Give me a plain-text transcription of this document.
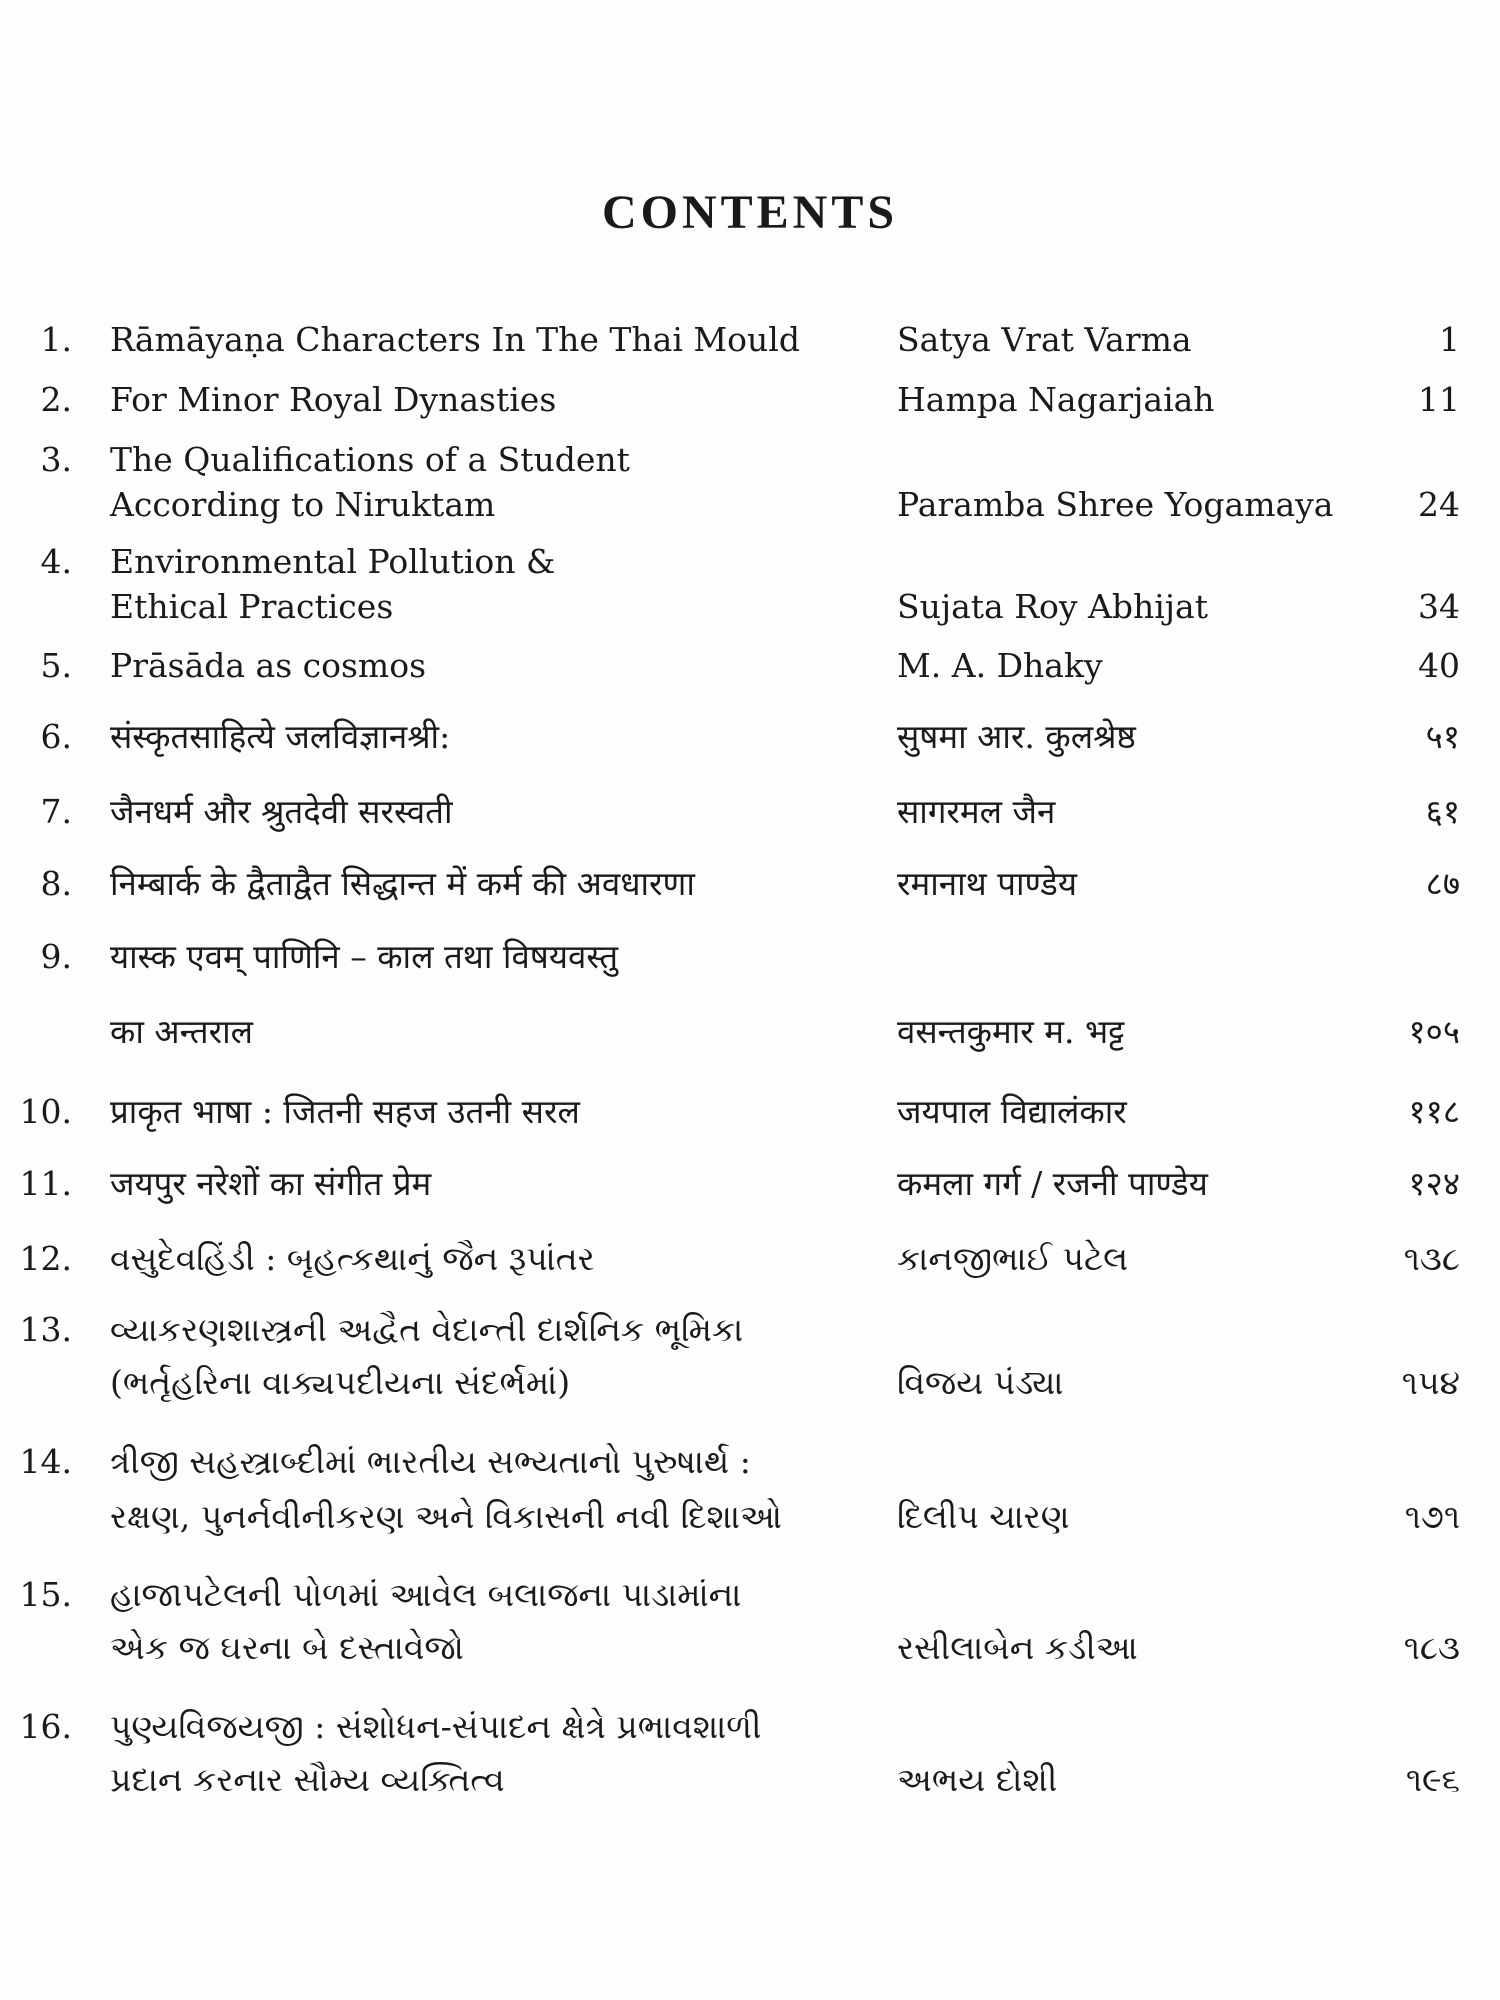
CONTENTS
1. Rāmāyaṇa Characters In The Thai Mould	Satya Vrat Varma	1
2. For Minor Royal Dynasties	Hampa Nagarjaiah	11
3. The Qualifications of a Student
According to Niruktam	Paramba Shree Yogamaya	24
4. Environmental Pollution &
Ethical Practices	Sujata Roy Abhijat	34
5. Prāsāda as cosmos	M. A. Dhaky	40
6. संस्कृतसाहित्ये जलविज्ञानश्री:	सुषमा आर. कुलश्रेष्ठ	५१
7. जैनधर्म और श्रुतदेवी सरस्वती	सागरमल जैन	६१
8. निम्बार्क के द्वैताद्वैत सिद्धान्त में कर्म की अवधारणा	रमानाथ पाण्डेय	८७
9. यास्क एवम् पाणिनि – काल तथा विषयवस्तु
का अन्तराल	वसन्तकुमार म. भट्ट	१०५
10. प्राकृत भाषा : जितनी सहज उतनी सरल	जयपाल विद्यालंकार	११८
11. जयपुर नरेशों का संगीत प्रेम	कमला गर्ग / रजनी पाण्डेय	१२४
12. વસુદેવહિંડી : બૃહત્કથાનું જૈન રૂપાંતર	કાનજીભાઈ પટેલ	૧૩૮
13. વ્યાકરણશાસ્ત્રની અદ્વૈત વેદાન્તી દાર્શનિક ભૂમિકા
(ભર્તૃહરિના વાક્યપદીયના સંદર્ભમાં)	વિજય પંડ્યા	૧૫૪
14. ત્રીજી સહસ્ત્રાબ્દીમાં ભારતીય સભ્યતાનો પુરુષાર્થ :
રક્ષણ, પુનર્નવીનીકરણ અને વિકાસની નવી દિશાઓ	દિલીપ ચારણ	૧૭૧
15. હાજાપટેલની પોળમાં આવેલ બલાજના પાડામાંના
એક જ ઘરના બે દસ્તાવેજો	રસીલાબેન કડીઆ	૧૮૩
16. પુણ્યવિજયજી : સંશોધન-સંપાદન ક્ષેત્રે પ્રભાવશાળી
પ્રદાન કરનાર સૌમ્ય વ્યક્તિત્વ	અભય દોશી	૧૯૬
